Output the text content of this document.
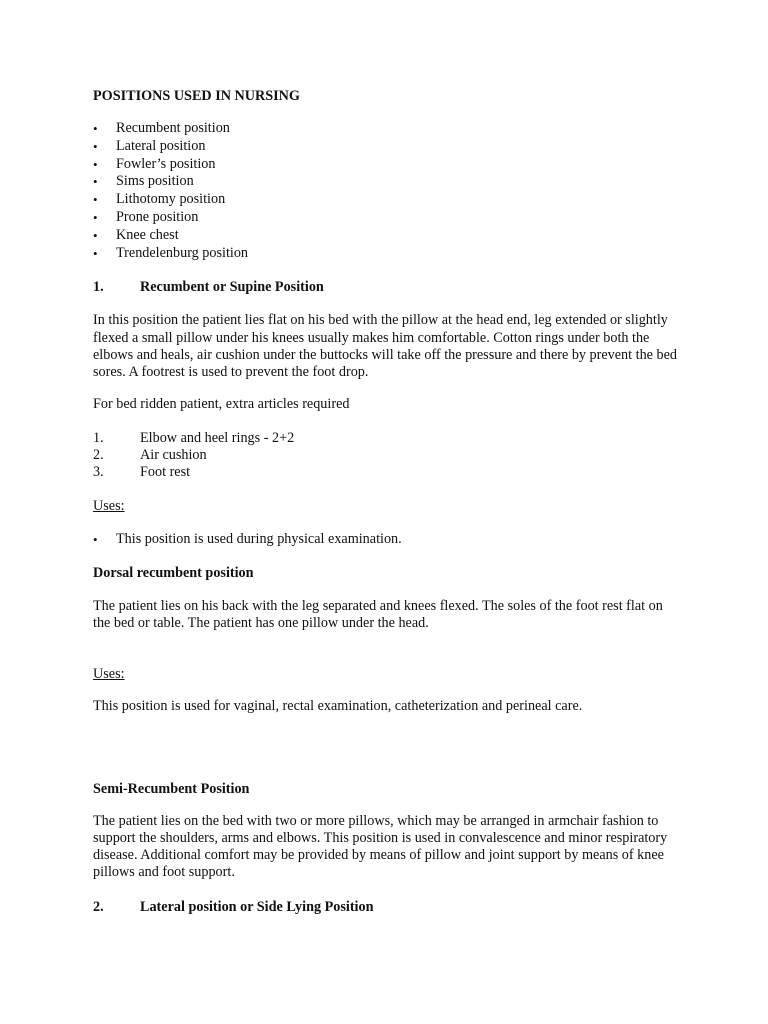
POSITIONS USED IN NURSING
• Recumbent position
• Lateral position
• Fowler’s position
• Sims position
• Lithotomy position
• Prone position
• Knee chest
• Trendelenburg position
1.	Recumbent or Supine Position

In this position the patient lies flat on his bed with the pillow at the head end, leg extended or slightly flexed a small pillow under his knees usually makes him comfortable. Cotton rings under both the elbows and heals, air cushion under the buttocks will take off the pressure and there by prevent the bed sores. A footrest is used to prevent the foot drop.

For bed ridden patient, extra articles required

1.	Elbow and heel rings - 2+2
2.	Air cushion
3.	Foot rest
Uses:
• This position is used during physical examination.
Dorsal recumbent position

The patient lies on his back with the leg separated and knees flexed. The soles of the foot rest flat on the bed or table. The patient has one pillow under the head.

Uses:

This position is used for vaginal, rectal examination, catheterization and perineal care.

Semi-Recumbent Position

The patient lies on the bed with two or more pillows, which may be arranged in armchair fashion to support the shoulders, arms and elbows. This position is used in convalescence and minor respiratory disease. Additional comfort may be provided by means of pillow and joint support by means of knee pillows and foot support.

2.	Lateral position or Side Lying Position
